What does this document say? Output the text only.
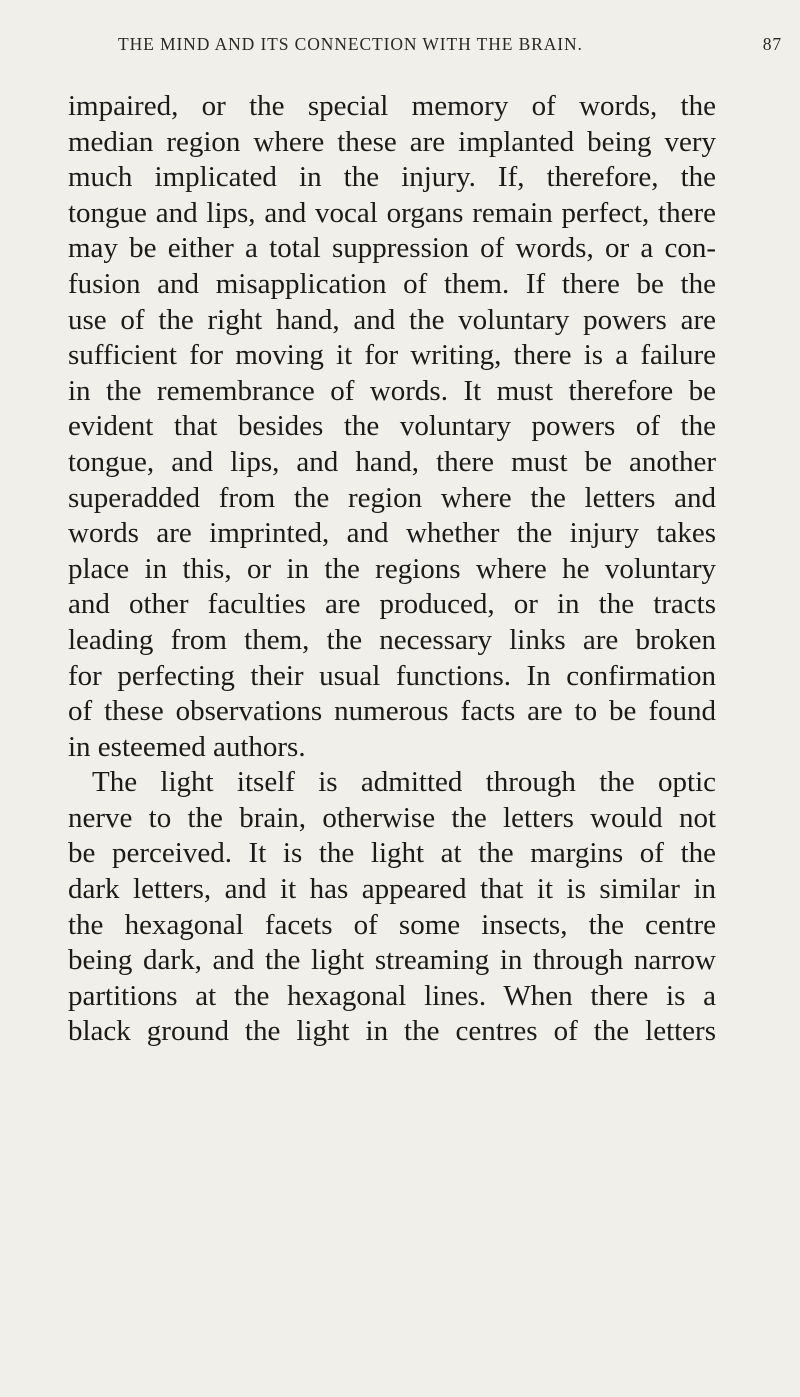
THE MIND AND ITS CONNECTION WITH THE BRAIN.	87
impaired, or the special memory of words, the
median region where these are implanted being very
much implicated in the injury. If, therefore, the
tongue and lips, and vocal organs remain perfect, there
may be either a total suppression of words, or a con-
fusion and misapplication of them. If there be the
use of the right hand, and the voluntary powers are
sufficient for moving it for writing, there is a failure
in the remembrance of words. It must therefore be
evident that besides the voluntary powers of the
tongue, and lips, and hand, there must be another
superadded from the region where the letters and
words are imprinted, and whether the injury takes
place in this, or in the regions where he voluntary
and other faculties are produced, or in the tracts
leading from them, the necessary links are broken
for perfecting their usual functions. In confirmation
of these observations numerous facts are to be found
in esteemed authors.
The light itself is admitted through the optic
nerve to the brain, otherwise the letters would not
be perceived. It is the light at the margins of the
dark letters, and it has appeared that it is similar in
the hexagonal facets of some insects, the centre
being dark, and the light streaming in through narrow
partitions at the hexagonal lines. When there is a
black ground the light in the centres of the letters
